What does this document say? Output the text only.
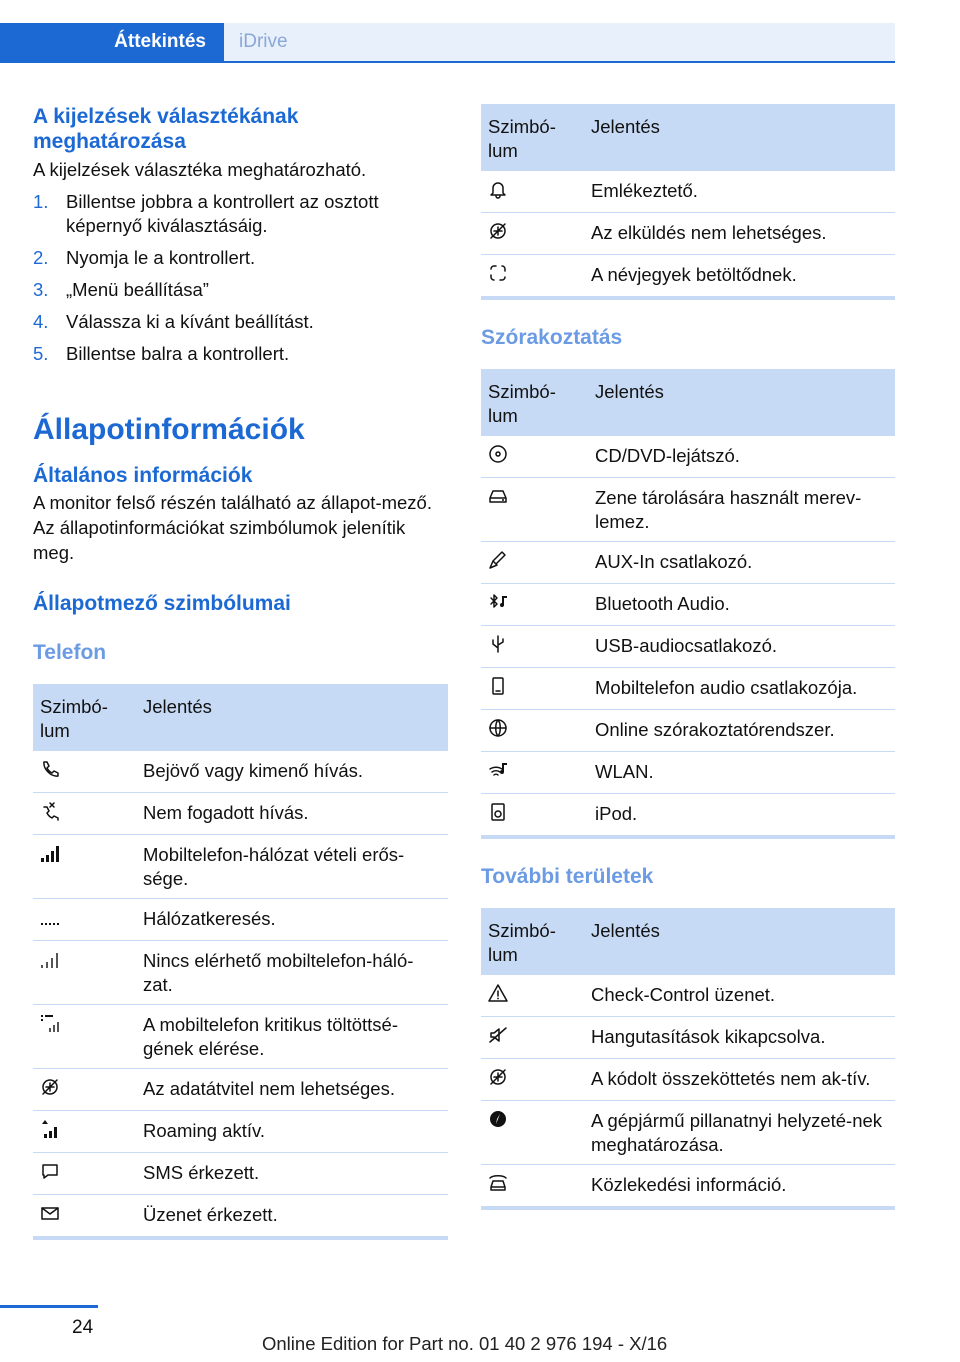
Áttekintés	iDrive
A kijelzések választékának meghatározása
A kijelzések választéka meghatározható.
1. Billentse jobbra a kontrollert az osztott képernyő kiválasztásáig.
2. Nyomja le a kontrollert.
3. „Menü beállítása”
4. Válassza ki a kívánt beállítást.
5. Billentse balra a kontrollert.
Állapotinformációk
Általános információk
A monitor felső részén található az állapot-mező. Az állapotinformációkat szimbólumok jelenítik meg.
Állapotmező szimbólumai
Telefon
Szimbó-lum	Jelentés

	Bejövő vagy kimenő hívás.

	Nem fogadott hívás.

	Mobiltelefon-hálózat vételi erős-sége.

	Hálózatkeresés.

	Nincs elérhető mobiltelefon-háló-zat.

	A mobiltelefon kritikus töltöttsé-gének elérése.

	Az adatátvitel nem lehetséges.

	Roaming aktív.

	SMS érkezett.

	Üzenet érkezett.
Szimbó-lum	Jelentés

	Emlékeztető.

	Az elküldés nem lehetséges.

	A névjegyek betöltődnek.
Szórakoztatás
Szimbó-lum	Jelentés

	CD/DVD-lejátszó.

	Zene tárolására használt merev-lemez.

	AUX-In csatlakozó.

	Bluetooth Audio.

	USB-audiocsatlakozó.

	Mobiltelefon audio csatlakozója.

	Online szórakoztatórendszer.

	WLAN.

	iPod.
További területek
Szimbó-lum	Jelentés

	Check-Control üzenet.

	Hangutasítások kikapcsolva.

	A kódolt összeköttetés nem ak-tív.

	A gépjármű pillanatnyi helyzeté-nek meghatározása.

	Közlekedési információ.
24
Online Edition for Part no. 01 40 2 976 194 - X/16
